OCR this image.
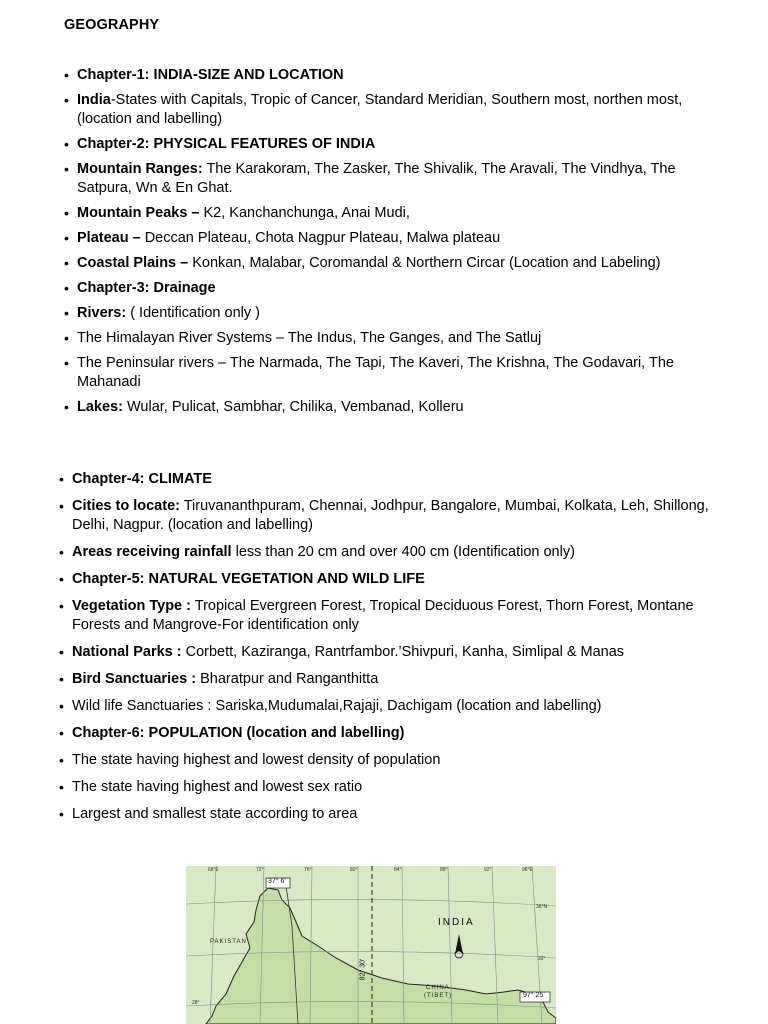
GEOGRAPHY
• Chapter-1: INDIA-SIZE AND LOCATION
• India-States with Capitals, Tropic of Cancer, Standard Meridian, Southern most, northen most, (location and labelling)
• Chapter-2: PHYSICAL FEATURES OF INDIA
• Mountain Ranges: The Karakoram, The Zasker, The Shivalik, The Aravali, The Vindhya, The Satpura, Wn & En Ghat.
• Mountain Peaks – K2, Kanchanchunga, Anai Mudi,
• Plateau – Deccan Plateau, Chota Nagpur Plateau, Malwa plateau
• Coastal Plains – Konkan, Malabar, Coromandal & Northern Circar (Location and Labeling)
• Chapter-3: Drainage
• Rivers: ( Identification only )
• The Himalayan River Systems – The Indus, The Ganges, and The Satluj
• The Peninsular rivers – The Narmada, The Tapi, The Kaveri, The Krishna, The Godavari, The Mahanadi
• Lakes: Wular, Pulicat, Sambhar, Chilika, Vembanad, Kolleru
• Chapter-4: CLIMATE
• Cities to locate: Tiruvananthpuram, Chennai, Jodhpur, Bangalore, Mumbai, Kolkata, Leh, Shillong, Delhi, Nagpur. (location and labelling)
• Areas receiving rainfall less than 20 cm and over 400 cm (Identification only)
• Chapter-5: NATURAL VEGETATION AND WILD LIFE
• Vegetation Type : Tropical Evergreen Forest, Tropical Deciduous Forest, Thorn Forest, Montane Forests and Mangrove-For identification only
• National Parks : Corbett, Kaziranga, Rantrfambor.’Shivpuri, Kanha, Simlipal & Manas
• Bird Sanctuaries : Bharatpur and Ranganthitta
• Wild life Sanctuaries : Sariska,Mudumalai,Rajaji, Dachigam (location and labelling)
• Chapter-6: POPULATION (location and labelling)
• The state having highest and lowest density of population
• The state having highest and lowest sex ratio
• Largest and smallest state according to area
INDIA
PAKISTAN
CHINA
(TIBET)
37° 6'
97° 25'
82° 30'
68°E	72°	76°	80°	84°	88°	92°	96°E
36°N
32°
28°
